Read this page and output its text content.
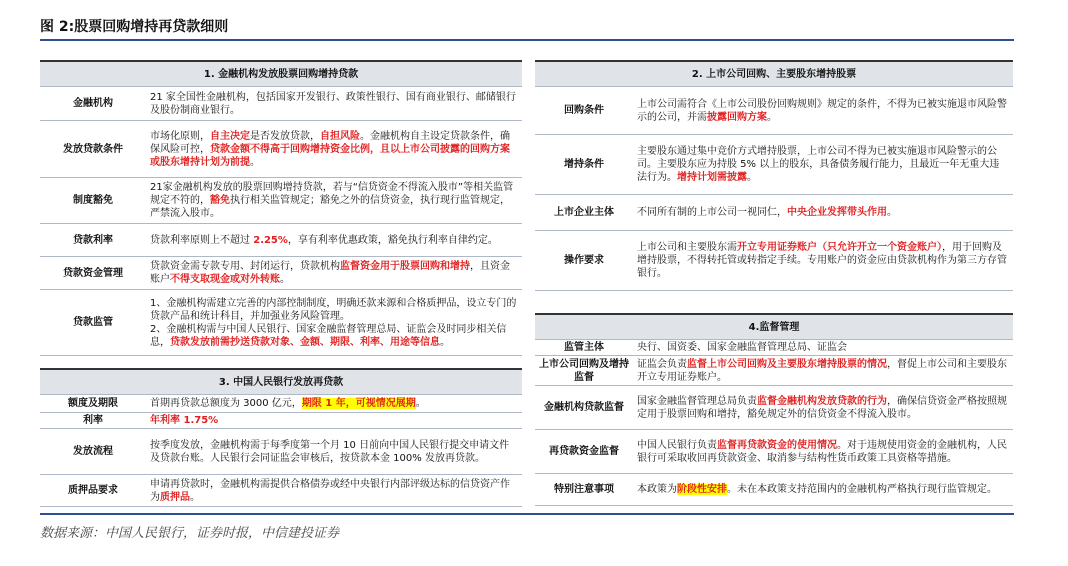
图 2:股票回购增持再贷款细则
1. 金融机构发放股票回购增持贷款	
金融机构	21 家全国性金融机构，包括国家开发银行、政策性银行、国有商业银行、邮储银行及股份制商业银行。
发放贷款条件	市场化原则，自主决定是否发放贷款，自担风险。金融机构自主设定贷款条件，确保风险可控，贷款金额不得高于回购增持资金比例，且以上市公司披露的回购方案或股东增持计划为前提。
制度豁免	21家金融机构发放的股票回购增持贷款，若与“信贷资金不得流入股市”等相关监管规定不符的，豁免执行相关监管规定；豁免之外的信贷资金，执行现行监管规定，严禁流入股市。
贷款利率	贷款利率原则上不超过 2.25%，享有利率优惠政策，豁免执行利率自律约定。
贷款资金管理	贷款资金需专款专用、封闭运行，贷款机构监督资金用于股票回购和增持，且资金账户不得支取现金或对外转账。
贷款监管	1、金融机构需建立完善的内部控制制度，明确还款来源和合格质押品，设立专门的贷款产品和统计科目，并加强业务风险管理。
2、金融机构需与中国人民银行、国家金融监督管理总局、证监会及时同步相关信息，贷款发放前需抄送贷款对象、金额、期限、利率、用途等信息。
3. 中国人民银行发放再贷款	
额度及期限	首期再贷款总额度为 3000 亿元，期限 1 年，可视情况展期。
利率	年利率 1.75%
发放流程	按季度发放，金融机构需于每季度第一个月 10 日前向中国人民银行提交申请文件及贷款台账。人民银行会同证监会审核后，按贷款本金 100% 发放再贷款。
质押品要求	申请再贷款时，金融机构需提供合格债券或经中央银行内部评级达标的信贷资产作为质押品。
2. 上市公司回购、主要股东增持股票	
回购条件	上市公司需符合《上市公司股份回购规则》规定的条件，不得为已被实施退市风险警示的公司，并需披露回购方案。
增持条件	主要股东通过集中竞价方式增持股票，上市公司不得为已被实施退市风险警示的公司。主要股东应为持股 5% 以上的股东，具备债务履行能力，且最近一年无重大违法行为。增持计划需披露。
上市企业主体	不同所有制的上市公司一视同仁，中央企业发挥带头作用。
操作要求	上市公司和主要股东需开立专用证券账户（只允许开立一个资金账户），用于回购及增持股票，不得转托管或转指定手续。专用账户的资金应由贷款机构作为第三方存管银行。
4.监督管理	
监管主体	央行、国资委、国家金融监督管理总局、证监会
上市公司回购及增持监督	证监会负责监督上市公司回购及主要股东增持股票的情况，督促上市公司和主要股东开立专用证券账户。
金融机构贷款监督	国家金融监督管理总局负责监督金融机构发放贷款的行为，确保信贷资金严格按照规定用于股票回购和增持，豁免规定外的信贷资金不得流入股市。
再贷款资金监督	中国人民银行负责监督再贷款资金的使用情况。对于违规使用资金的金融机构，人民银行可采取收回再贷款资金、取消参与结构性货币政策工具资格等措施。
特别注意事项	本政策为阶段性安排。未在本政策支持范围内的金融机构严格执行现行监管规定。
数据来源：中国人民银行，证券时报，中信建投证券
